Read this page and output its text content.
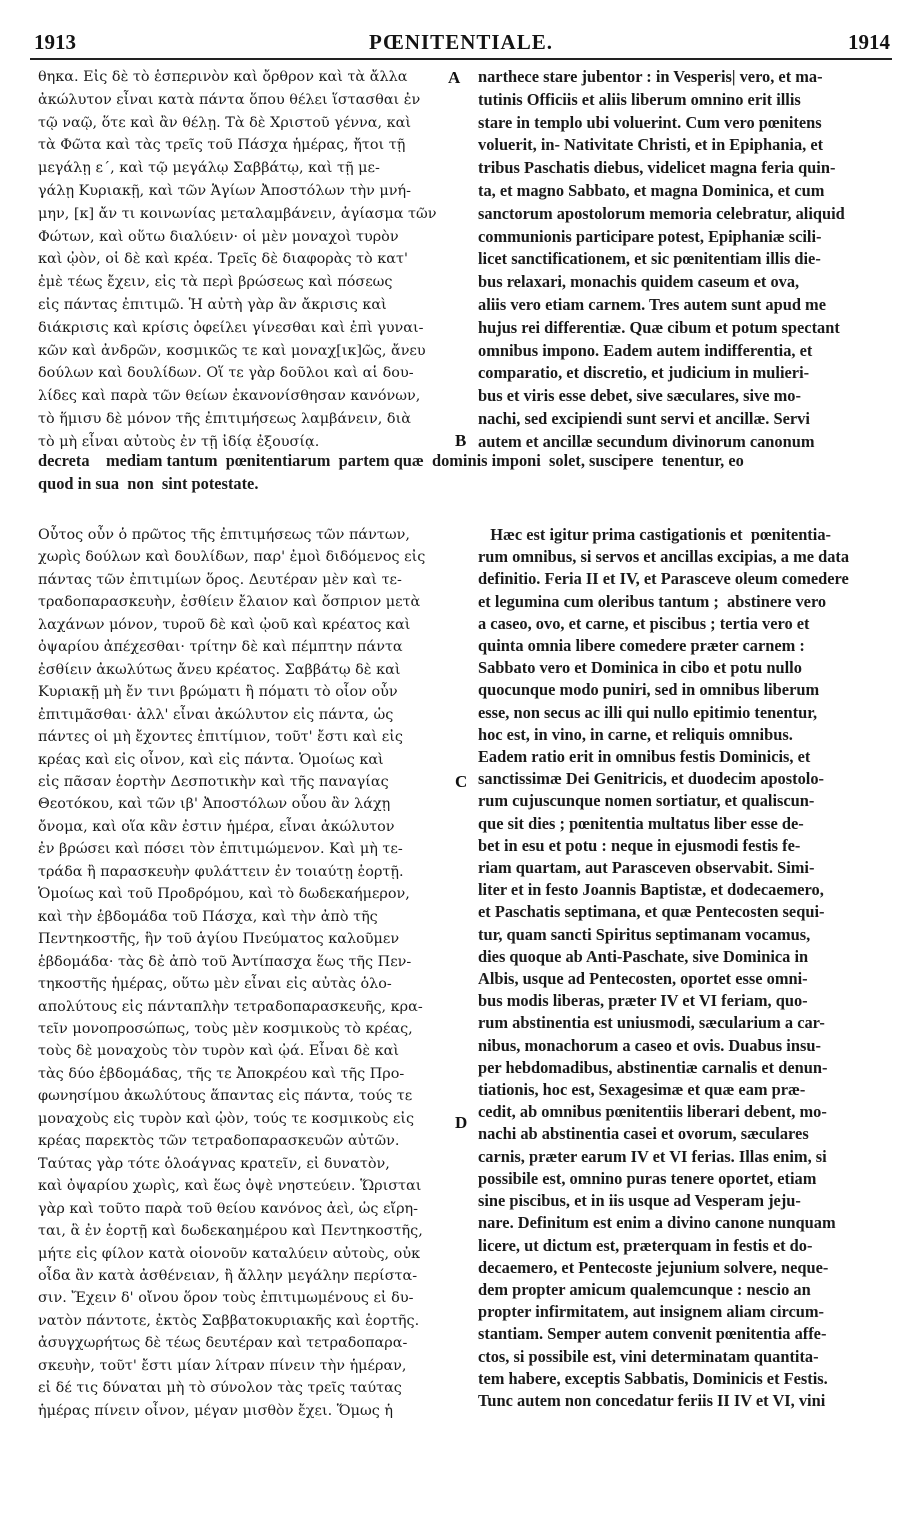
1913	PŒNITENTIALE.	1914
θηκα. Εἰς δὲ τὸ ἑσπερινὸν καὶ ὄρθρον καὶ τὰ ἄλλα
ἀκώλυτον εἶναι κατὰ πάντα ὅπου θέλει ἵστασθαι ἐν
τῷ ναῷ, ὅτε καὶ ἂν θέλῃ. Τὰ δὲ Χριστοῦ γέννα, καὶ
τὰ Φῶτα καὶ τὰς τρεῖς τοῦ Πάσχα ἡμέρας, ἤτοι τῇ
μεγάλῃ ε΄, καὶ τῷ μεγάλῳ Σαββάτῳ, καὶ τῇ με-
γάλῃ Κυριακῇ, καὶ τῶν Ἁγίων Ἀποστόλων τὴν μνή-
μην, [κ] ἄν τι κοινωνίας μεταλαμβάνειν, ἁγίασμα τῶν
Φώτων, καὶ οὕτω διαλύειν· οἱ μὲν μοναχοὶ τυρὸν
καὶ ᾠὸν, οἱ δὲ καὶ κρέα. Τρεῖς δὲ διαφορὰς τὸ κατ'
ἐμὲ τέως ἔχειν, εἰς τὰ περὶ βρώσεως καὶ πόσεως
εἰς πάντας ἐπιτιμῶ. Ἡ αὐτὴ γὰρ ἂν ἄκρισις καὶ
διάκρισις καὶ κρίσις ὀφείλει γίνεσθαι καὶ ἐπὶ γυναι-
κῶν καὶ ἀνδρῶν, κοσμικῶς τε καὶ μοναχ[ικ]ῶς, ἄνευ
δούλων καὶ δουλίδων. Οἵ τε γὰρ δοῦλοι καὶ αἱ δου-
λίδες καὶ παρὰ τῶν θείων ἐκανονίσθησαν κανόνων,
τὸ ἥμισυ δὲ μόνον τῆς ἐπιτιμήσεως λαμβάνειν, διὰ
τὸ μὴ εἶναι αὐτοὺς ἐν τῇ ἰδίᾳ ἐξουσίᾳ.
narthece stare jubentor : in Vesperis| vero, et ma-
tutinis Officiis et aliis liberum omnino erit illis
stare in templo ubi voluerint. Cum vero pœnitens
voluerit, in- Nativitate Christi, et in Epiphania, et
tribus Paschatis diebus, videlicet magna feria quin-
ta, et magno Sabbato, et magna Dominica, et cum
sanctorum apostolorum memoria celebratur, aliquid
communionis participare potest, Epiphaniæ scili-
licet sanctificationem, et sic pœnitentiam illis die-
bus relaxari, monachis quidem caseum et ova,
aliis vero etiam carnem. Tres autem sunt apud me
hujus rei differentiæ. Quæ cibum et potum spectant
omnibus impono. Eadem autem indifferentia, et
comparatio, et discretio, et judicium in mulieri-
bus et viris esse debet, sive sæculares, sive mo-
nachi, sed excipiendi sunt servi et ancillæ. Servi
autem et ancillæ secundum divinorum canonum
decreta    mediam tantum  pœnitentiarum  partem quæ  dominis imponi  solet, suscipere  tenentur, eo
quod in sua  non  sint potestate.
Οὗτος οὖν ὁ πρῶτος τῆς ἐπιτιμήσεως τῶν πάντων,
χωρὶς δούλων καὶ δουλίδων, παρ' ἐμοὶ διδόμενος εἰς
πάντας τῶν ἐπιτιμίων ὅρος. Δευτέραν μὲν καὶ τε-
τραδοπαρασκευὴν, ἐσθίειν ἔλαιον καὶ ὄσπριον μετὰ
λαχάνων μόνον, τυροῦ δὲ καὶ ᾠοῦ καὶ κρέατος καὶ
ὀψαρίου ἀπέχεσθαι· τρίτην δὲ καὶ πέμπτην πάντα
ἐσθίειν ἀκωλύτως ἄνευ κρέατος. Σαββάτῳ δὲ καὶ
Κυριακῇ μὴ ἔν τινι βρώματι ἢ πόματι τὸ οἷον οὖν
ἐπιτιμᾶσθαι· ἀλλ' εἶναι ἀκώλυτον εἰς πάντα, ὡς
πάντες οἱ μὴ ἔχοντες ἐπιτίμιον, τοῦτ' ἔστι καὶ εἰς
κρέας καὶ εἰς οἶνον, καὶ εἰς πάντα. Ὁμοίως καὶ
εἰς πᾶσαν ἑορτὴν Δεσποτικὴν καὶ τῆς παναγίας
Θεοτόκου, καὶ τῶν ιβ' Ἀποστόλων οὗου ἂν λάχῃ
ὄνομα, καὶ οἵα κἂν ἐστιν ἡμέρα, εἶναι ἀκώλυτον
ἐν βρώσει καὶ πόσει τὸν ἐπιτιμώμενον. Καὶ μὴ τε-
τράδα ἢ παρασκευὴν φυλάττειν ἐν τοιαύτῃ ἑορτῇ.
Ὁμοίως καὶ τοῦ Προδρόμου, καὶ τὸ δωδεκαήμερον,
καὶ τὴν ἑβδομάδα τοῦ Πάσχα, καὶ τὴν ἀπὸ τῆς
Πεντηκοστῆς, ἣν τοῦ ἁγίου Πνεύματος καλοῦμεν
ἑβδομάδα· τὰς δὲ ἀπὸ τοῦ Ἀντίπασχα ἕως τῆς Πεν-
τηκοστῆς ἡμέρας, οὕτω μὲν εἶναι εἰς αὐτὰς ὁλο-
απολύτους εἰς πάνταπλὴν τετραδοπαρασκευῆς, κρα-
τεῖν μονοπροσώπως, τοὺς μὲν κοσμικοὺς τὸ κρέας,
τοὺς δὲ μοναχοὺς τὸν τυρὸν καὶ ᾠά. Εἶναι δὲ καὶ
τὰς δύο ἑβδομάδας, τῆς τε Ἀποκρέου καὶ τῆς Προ-
φωνησίμου ἀκωλύτους ἅπαντας εἰς πάντα, τούς τε
μοναχοὺς εἰς τυρὸν καὶ ᾠὸν, τούς τε κοσμικοὺς εἰς
κρέας παρεκτὸς τῶν τετραδοπαρασκευῶν αὐτῶν.
Ταύτας γὰρ τότε ὁλοάγνας κρατεῖν, εἰ δυνατὸν,
καὶ ὀψαρίου χωρὶς, καὶ ἕως ὀψὲ νηστεύειν. Ὥρισται
γὰρ καὶ τοῦτο παρὰ τοῦ θείου κανόνος ἀεὶ, ὡς εἴρη-
ται, ἃ ἐν ἑορτῇ καὶ δωδεκαημέρου καὶ Πεντηκοστῆς,
μήτε εἰς φίλον κατὰ οἱονοῦν καταλύειν αὐτοὺς, οὐκ
οἶδα ἂν κατὰ ἀσθένειαν, ἢ ἄλλην μεγάλην περίστα-
σιν. Ἔχειν δ' οἴνου ὅρον τοὺς ἐπιτιμωμένους εἰ δυ-
νατὸν πάντοτε, ἐκτὸς Σαββατοκυριακῆς καὶ ἑορτῆς.
ἀσυγχωρήτως δὲ τέως δευτέραν καὶ τετραδοπαρα-
σκευὴν, τοῦτ' ἔστι μίαν λίτραν πίνειν τὴν ἡμέραν,
εἰ δέ τις δύναται μὴ τὸ σύνολον τὰς τρεῖς ταύτας
ἡμέρας πίνειν οἶνον, μέγαν μισθὸν ἔχει. Ὅμως ἡ
Hæc est igitur prima castigationis et  pœnitentia-
rum omnibus, si servos et ancillas excipias, a me data
definitio. Feria II et IV, et Parasceve oleum comedere
et legumina cum oleribus tantum ;  abstinere vero
a caseo, ovo, et carne, et piscibus ; tertia vero et
quinta omnia libere comedere præter carnem :
Sabbato vero et Dominica in cibo et potu nullo
quocunque modo puniri, sed in omnibus liberum
esse, non secus ac illi qui nullo epitimio tenentur,
hoc est, in vino, in carne, et reliquis omnibus.
Eadem ratio erit in omnibus festis Dominicis, et
sanctissimæ Dei Genitricis, et duodecim apostolo-
rum cujuscunque nomen sortiatur, et qualiscun-
que sit dies ; pœnitentia multatus liber esse de-
bet in esu et potu : neque in ejusmodi festis fe-
riam quartam, aut Parasceven observabit. Simi-
liter et in festo Joannis Baptistæ, et dodecaemero,
et Paschatis septimana, et quæ Pentecosten sequi-
tur, quam sancti Spiritus septimanam vocamus,
dies quoque ab Anti-Paschate, sive Dominica in
Albis, usque ad Pentecosten, oportet esse omni-
bus modis liberas, præter IV et VI feriam, quo-
rum abstinentia est uniusmodi, sæcularium a car-
nibus, monachorum a caseo et ovis. Duabus insu-
per hebdomadibus, abstinentiæ carnalis et denun-
tiationis, hoc est, Sexagesimæ et quæ eam præ-
cedit, ab omnibus pœnitentiis liberari debent, mo-
nachi ab abstinentia casei et ovorum, sæculares
carnis, præter earum IV et VI ferias. Illas enim, si
possibile est, omnino puras tenere oportet, etiam
sine piscibus, et in iis usque ad Vesperam jeju-
nare. Definitum est enim a divino canone nunquam
licere, ut dictum est, præterquam in festis et do-
decaemero, et Pentecoste jejunium solvere, neque-
dem propter amicum qualemcunque : nescio an
propter infirmitatem, aut insignem aliam circum-
stantiam. Semper autem convenit pœnitentia affe-
ctos, si possibile est, vini determinatam quantita-
tem habere, exceptis Sabbatis, Dominicis et Festis.
Tunc autem non concedatur feriis II IV et VI, vini
A
B
C
D
